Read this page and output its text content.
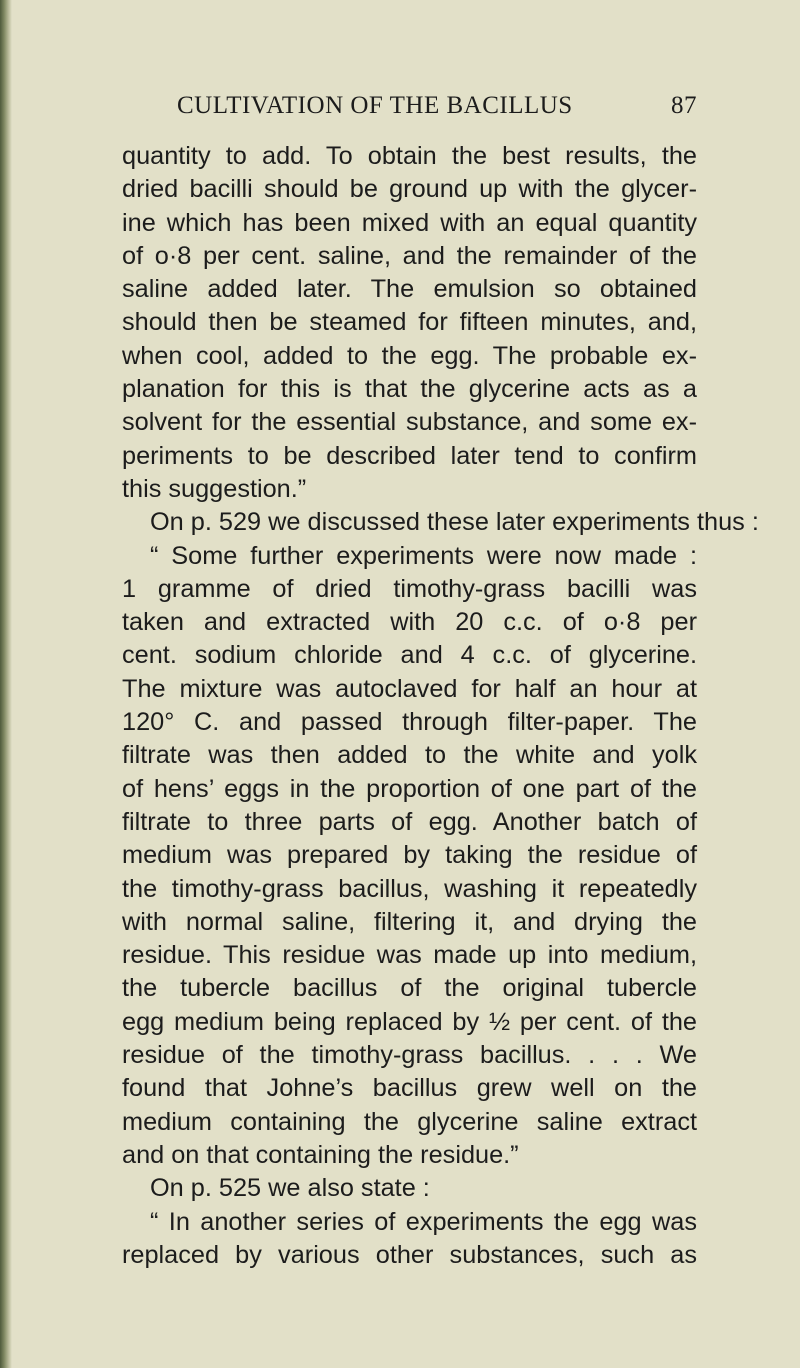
CULTIVATION OF THE BACILLUS	87
quantity to add. To obtain the best results, the
dried bacilli should be ground up with the glycer-
ine which has been mixed with an equal quantity
of o·8 per cent. saline, and the remainder of the
saline added later. The emulsion so obtained
should then be steamed for fifteen minutes, and,
when cool, added to the egg. The probable ex-
planation for this is that the glycerine acts as a
solvent for the essential substance, and some ex-
periments to be described later tend to confirm
this suggestion.”
On p. 529 we discussed these later experiments thus :
“ Some further experiments were now made :
1 gramme of dried timothy-grass bacilli was
taken and extracted with 20 c.c. of o·8 per
cent. sodium chloride and 4 c.c. of glycerine.
The mixture was autoclaved for half an hour at
120° C. and passed through filter-paper. The
filtrate was then added to the white and yolk
of hens’ eggs in the proportion of one part of the
filtrate to three parts of egg. Another batch of
medium was prepared by taking the residue of
the timothy-grass bacillus, washing it repeatedly
with normal saline, filtering it, and drying the
residue. This residue was made up into medium,
the tubercle bacillus of the original tubercle
egg medium being replaced by ½ per cent. of the
residue of the timothy-grass bacillus. . . . We
found that Johne’s bacillus grew well on the
medium containing the glycerine saline extract
and on that containing the residue.”
On p. 525 we also state :
“ In another series of experiments the egg was
replaced by various other substances, such as
